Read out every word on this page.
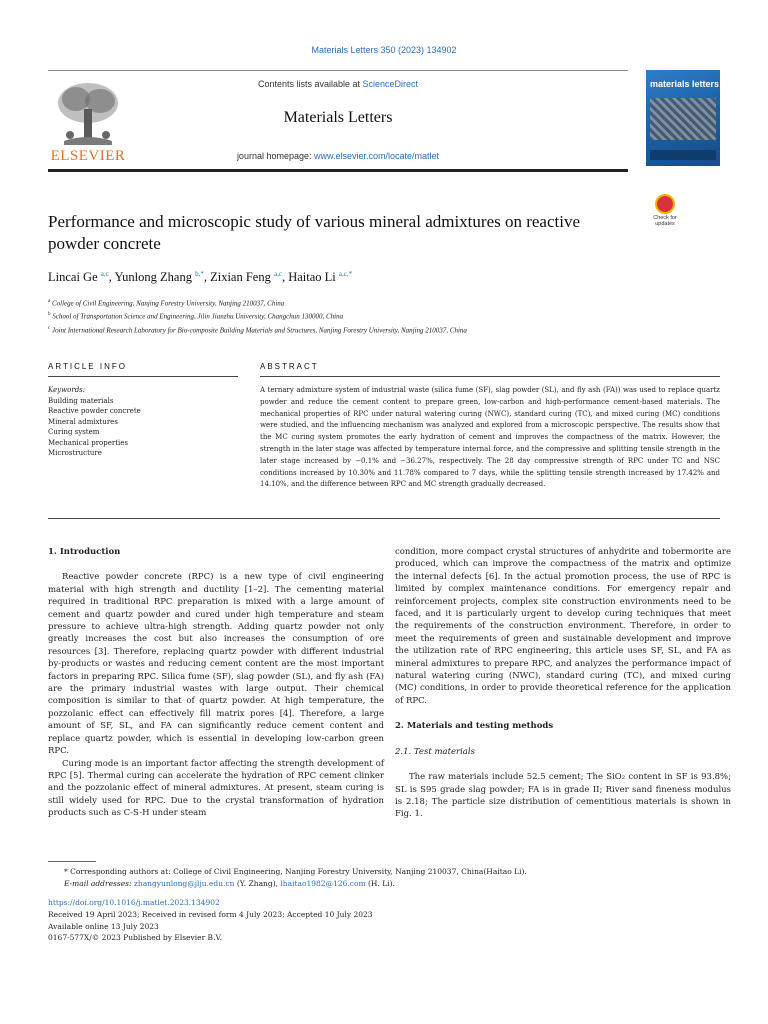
Materials Letters 350 (2023) 134902
ELSEVIER
Contents lists available at ScienceDirect
Materials Letters
journal homepage: www.elsevier.com/locate/matlet
materials letters
Check for updates
Performance and microscopic study of various mineral admixtures on reactive powder concrete
Lincai Ge $^{a,c}$, Yunlong Zhang $^{b,*}$, Zixian Feng $^{a,c}$, Haitao Li $^{a,c,*}$
$^a$ College of Civil Engineering, Nanjing Forestry University, Nanjing 210037, China
$^b$ School of Transportation Science and Engineering, Jilin Jianzhu University, Changchun 130000, China
$^c$ Joint International Research Laboratory for Bio-composite Building Materials and Structures, Nanjing Forestry University, Nanjing 210037, China
ARTICLE INFO	ABSTRACT
Keywords:
Building materials
Reactive powder concrete
Mineral admixtures
Curing system
Mechanical properties
Microstructure
A ternary admixture system of industrial waste (silica fume (SF), slag powder (SL), and fly ash (FA)) was used to replace quartz powder and reduce the cement content to prepare green, low-carbon and high-performance cement-based materials. The mechanical properties of RPC under natural watering curing (NWC), standard curing (TC), and mixed curing (MC) conditions were studied, and the influencing mechanism was analyzed and explored from a microscopic perspective. The results show that the MC curing system promotes the early hydration of cement and improves the compactness of the matrix. However, the strength in the later stage was affected by temperature internal force, and the compressive and splitting tensile strength in the later stage increased by −0.1% and −36.27%, respectively. The 28 day compressive strength of RPC under TC and NSC conditions increased by 10.30% and 11.78% compared to 7 days, while the splitting tensile strength increased by 17.42% and 14.10%, and the difference between RPC and MC strength gradually decreased.
1. Introduction

Reactive powder concrete (RPC) is a new type of civil engineering material with high strength and ductility [1–2]. The cementing material required in traditional RPC preparation is mixed with a large amount of cement and quartz powder and cured under high temperature and steam pressure to achieve ultra-high strength. Adding quartz powder not only greatly increases the cost but also increases the consumption of ore resources [3]. Therefore, replacing quartz powder with different industrial by-products or wastes and reducing cement content are the most important factors in preparing RPC. Silica fume (SF), slag powder (SL), and fly ash (FA) are the primary industrial wastes with large output. Their chemical composition is similar to that of quartz powder. At high temperature, the pozzolanic effect can effectively fill matrix pores [4]. Therefore, a large amount of SF, SL, and FA can significantly reduce cement content and replace quartz powder, which is essential in developing low-carbon green RPC.

Curing mode is an important factor affecting the strength development of RPC [5]. Thermal curing can accelerate the hydration of RPC cement clinker and the pozzolanic effect of mineral admixtures. At present, steam curing is still widely used for RPC. Due to the crystal transformation of hydration products such as C-S-H under steam

condition, more compact crystal structures of anhydrite and tobermorite are produced, which can improve the compactness of the matrix and optimize the internal defects [6]. In the actual promotion process, the use of RPC is limited by complex maintenance conditions. For emergency repair and reinforcement projects, complex site construction environments need to be faced, and it is particularly urgent to develop curing techniques that meet the requirements of the construction environment. Therefore, in order to meet the requirements of green and sustainable development and improve the utilization rate of RPC engineering, this article uses SF, SL, and FA as mineral admixtures to prepare RPC, and analyzes the performance impact of natural watering curing (NWC), standard curing (TC), and mixed curing (MC) conditions, in order to provide theoretical reference for the application of RPC.

2. Materials and testing methods
2.1. Test materials

The raw materials include 52.5 cement; The SiO₂ content in SF is 93.8%; SL is S95 grade slag powder; FA is in grade II; River sand fineness modulus is 2.18; The particle size distribution of cementitious materials is shown in Fig. 1.

* Corresponding authors at: College of Civil Engineering, Nanjing Forestry University, Nanjing 210037, China(Haitao Li).
E-mail addresses: zhangyunlong@jlju.edu.cn (Y. Zhang), lhaitao1982@126.com (H. Li).
https://doi.org/10.1016/j.matlet.2023.134902
Received 19 April 2023; Received in revised form 4 July 2023; Accepted 10 July 2023
Available online 13 July 2023
0167-577X/© 2023 Published by Elsevier B.V.
